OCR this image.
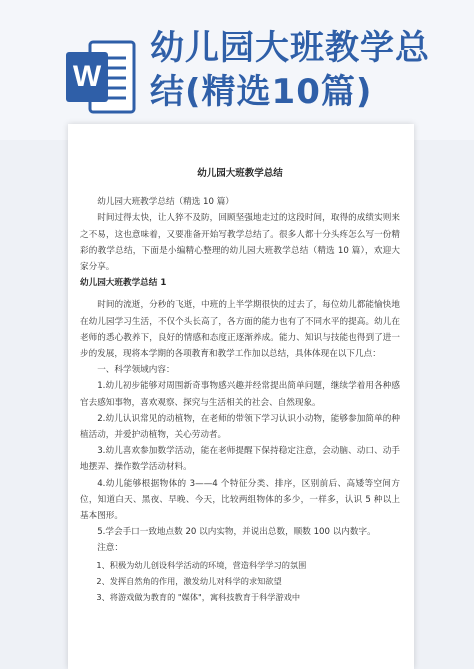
W
幼儿园大班教学总
结(精选10篇)
幼儿园大班教学总结

幼儿园大班教学总结（精选 10 篇）

时间过得太快，让人猝不及防，回顾坚强地走过的这段时间，取得的成绩实则来之不易，这也意味着，又要准备开始写教学总结了。很多人都十分头疼怎么写一份精彩的教学总结，下面是小编精心整理的幼儿园大班教学总结（精选 10 篇），欢迎大家分享。

幼儿园大班教学总结 1

时间的流逝，分秒的飞逝，中班的上半学期很快的过去了，每位幼儿都能愉快地在幼儿园学习生活，不仅个头长高了，各方面的能力也有了不同水平的提高。幼儿在老师的悉心教养下，良好的情感和态度正逐渐养成。能力、知识与技能也得到了进一步的发展，现将本学期的各项教育和教学工作加以总结，具体体现在以下几点：

一、科学领域内容：

1.幼儿初步能够对周围新奇事物感兴趣并经常提出简单问题，继续学着用各种感官去感知事物，喜欢观察、探究与生活相关的社会、自然现象。

2.幼儿认识常见的动植物，在老师的带领下学习认识小动物，能够参加简单的种植活动，并爱护动植物，关心劳动者。

3.幼儿喜欢参加数学活动，能在老师提醒下保持稳定注意，会动脑、动口、动手地摆弄、操作数学活动材料。

4.幼儿能够根据物体的 3——4 个特征分类、排序，区别前后、高矮等空间方位，知道白天、黑夜、早晚、今天，比较两组物体的多少，一样多，认识 5 种以上基本图形。

5.学会手口一致地点数 20 以内实物，并说出总数，顺数 100 以内数字。

注意：

1、积极为幼儿创设科学活动的环境，营造科学学习的氛围

2、发挥自然角的作用，激发幼儿对科学的求知欲望

3、将游戏做为教育的 "媒体"，寓科技教育于科学游戏中
